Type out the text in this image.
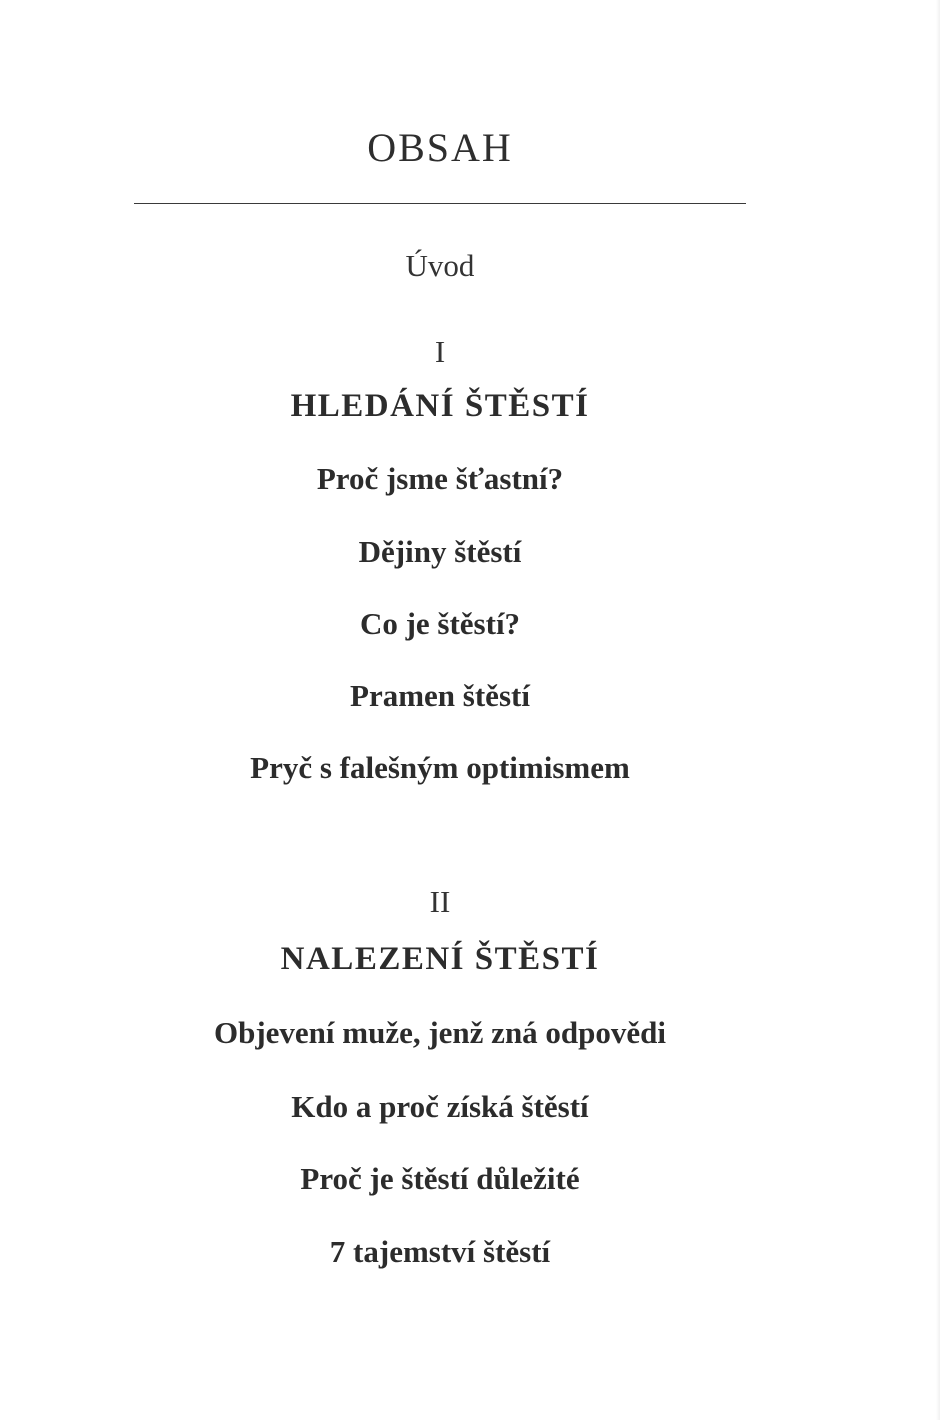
OBSAH
Úvod
I
HLEDÁNÍ ŠTĚSTÍ
Proč jsme šťastní?
Dějiny štěstí
Co je štěstí?
Pramen štěstí
Pryč s falešným optimismem
II
NALEZENÍ ŠTĚSTÍ
Objevení muže, jenž zná odpovědi
Kdo a proč získá štěstí
Proč je štěstí důležité
7 tajemství štěstí
